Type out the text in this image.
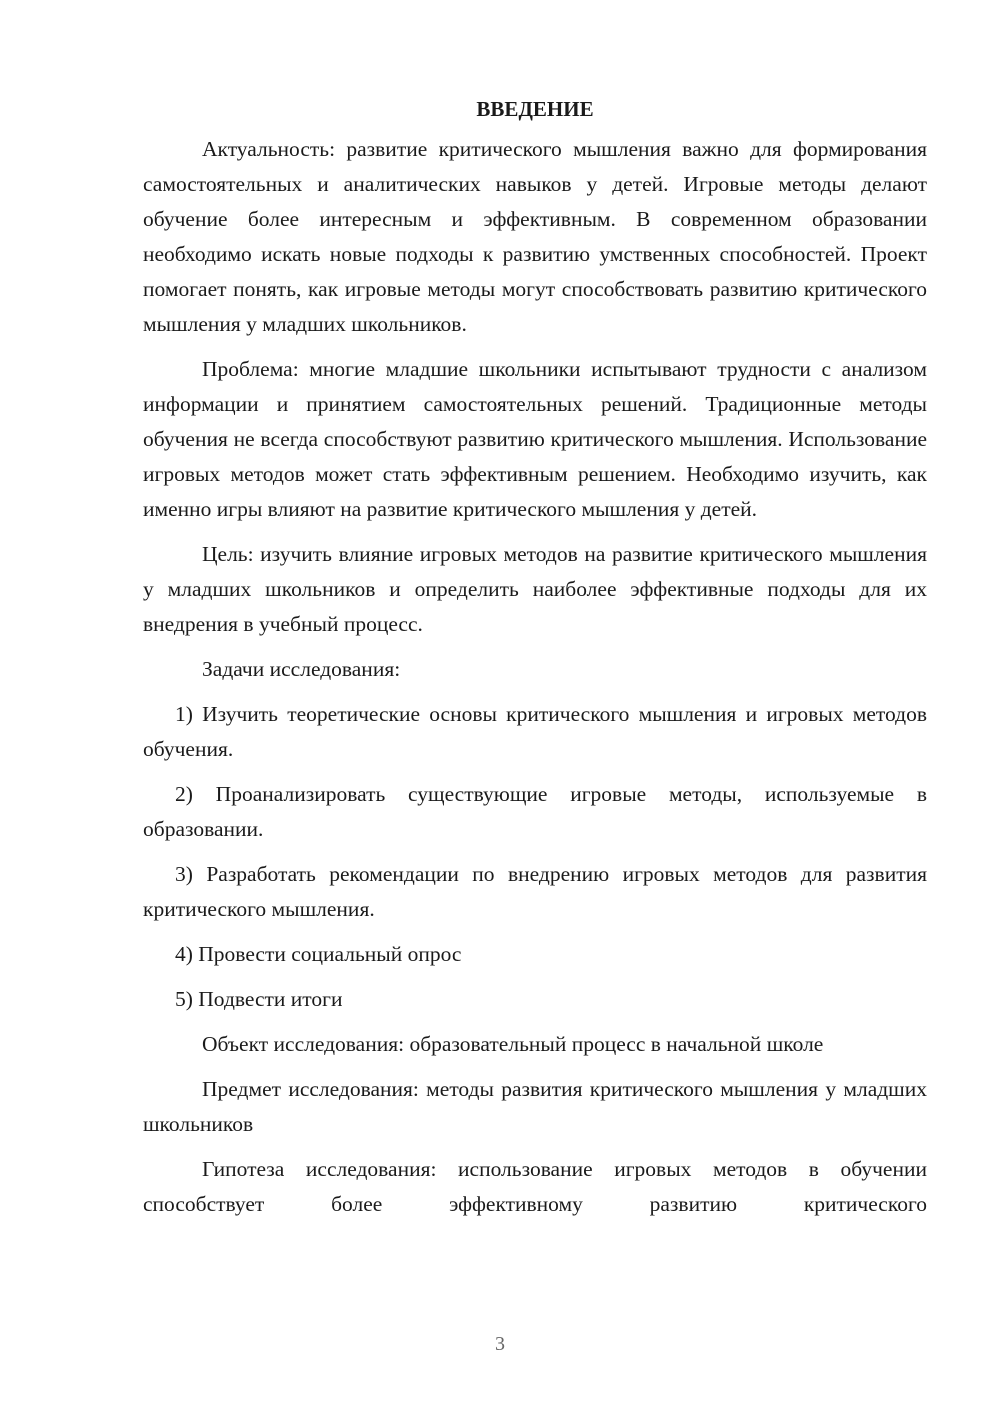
ВВЕДЕНИЕ
Актуальность: развитие критического мышления важно для формирования самостоятельных и аналитических навыков у детей. Игровые методы делают обучение более интересным и эффективным. В современном образовании необходимо искать новые подходы к развитию умственных способностей. Проект помогает понять, как игровые методы могут способствовать развитию критического мышления у младших школьников.
Проблема: многие младшие школьники испытывают трудности с анализом информации и принятием самостоятельных решений. Традиционные методы обучения не всегда способствуют развитию критического мышления. Использование игровых методов может стать эффективным решением. Необходимо изучить, как именно игры влияют на развитие критического мышления у детей.
Цель: изучить влияние игровых методов на развитие критического мышления у младших школьников и определить наиболее эффективные подходы для их внедрения в учебный процесс.
Задачи исследования:
1) Изучить теоретические основы критического мышления и игровых методов обучения.
2) Проанализировать существующие игровые методы, используемые в образовании.
3) Разработать рекомендации по внедрению игровых методов для развития критического мышления.
4) Провести социальный опрос
5) Подвести итоги
Объект исследования: образовательный процесс в начальной школе
Предмет исследования: методы развития критического мышления у младших школьников
Гипотеза исследования: использование игровых методов в обучении способствует более эффективному развитию критического
3
